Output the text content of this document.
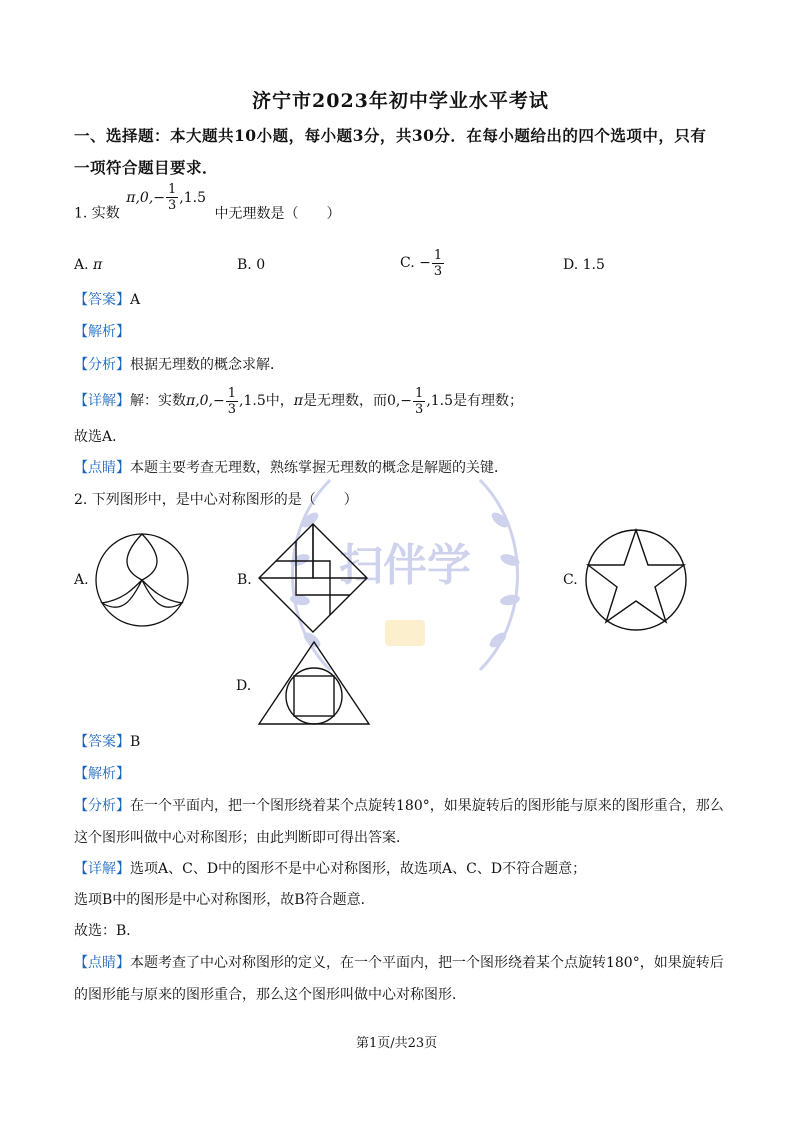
济宁市2023年初中学业水平考试
一、选择题：本大题共10小题，每小题3分，共30分．在每小题给出的四个选项中，只有
一项符合题目要求．
1. 实数 $\pi,0,- \frac{1}{3} ,1.5$ 中无理数是（　　）
A. π	B. 0	C. − $\frac{1}{3}$	D. 1.5
【答案】A
【解析】
【分析】根据无理数的概念求解．
【详解】解：实数$\pi,0,- \frac{1}{3} ,1.5$中，π是无理数，而$0,- \frac{1}{3} ,1.5$是有理数；
故选A．
【点睛】本题主要考查无理数，熟练掌握无理数的概念是解题的关键．
2. 下列图形中，是中心对称图形的是（　　）
扫伴学
A.	B.	C.
D.
【答案】B
【解析】
【分析】在一个平面内，把一个图形绕着某个点旋转180°，如果旋转后的图形能与原来的图形重合，那么
这个图形叫做中心对称图形；由此判断即可得出答案．
【详解】选项A、C、D中的图形不是中心对称图形，故选项A、C、D不符合题意；
选项B中的图形是中心对称图形，故B符合题意．
故选：B．
【点睛】本题考查了中心对称图形的定义，在一个平面内，把一个图形绕着某个点旋转180°，如果旋转后
的图形能与原来的图形重合，那么这个图形叫做中心对称图形．
第1页/共23页
